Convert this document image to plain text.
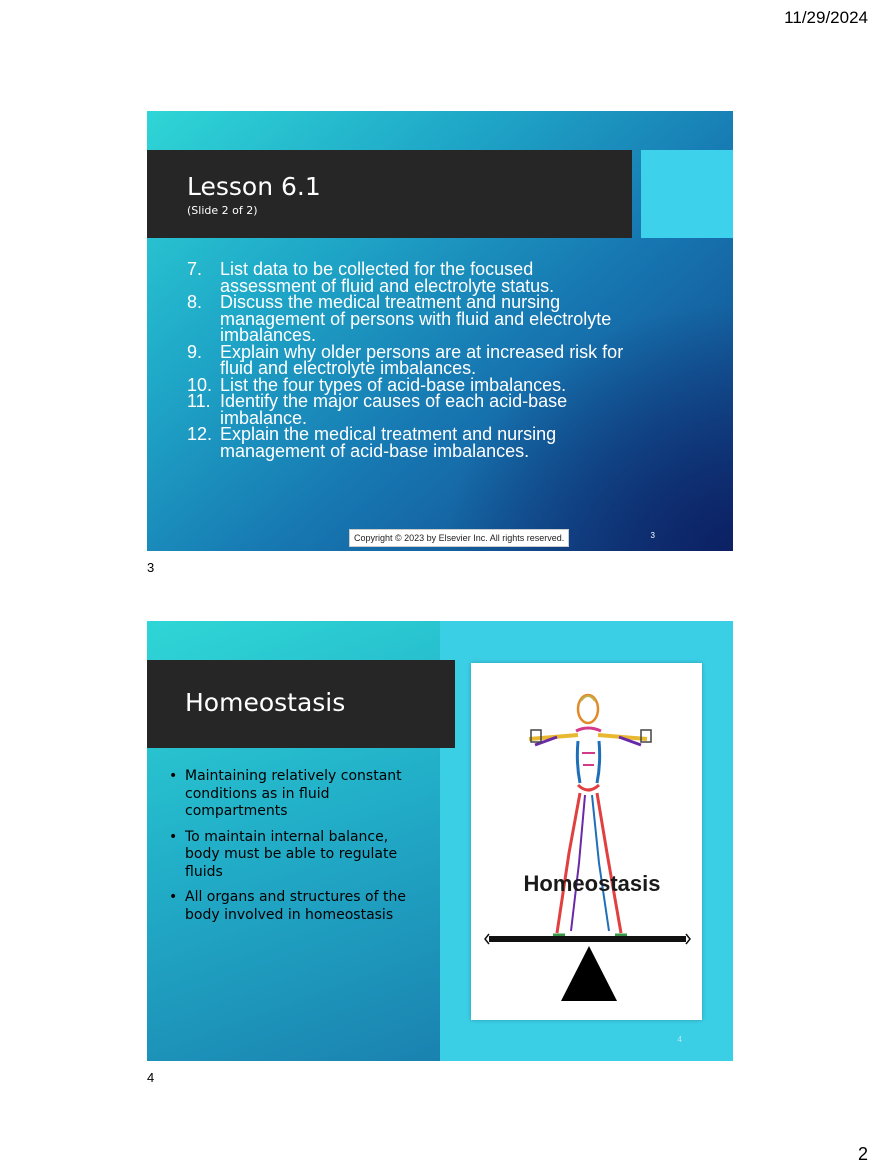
11/29/2024
Lesson 6.1
(Slide 2 of 2)
7. List data to be collected for the focused assessment of fluid and electrolyte status.
8. Discuss the medical treatment and nursing management of persons with fluid and electrolyte imbalances.
9. Explain why older persons are at increased risk for fluid and electrolyte imbalances.
10. List the four types of acid-base imbalances.
11. Identify the major causes of each acid-base imbalance.
12. Explain the medical treatment and nursing management of acid-base imbalances.
Copyright © 2023 by Elsevier Inc. All rights reserved.	3
3
Homeostasis
• Maintaining relatively constant conditions as in fluid compartments
• To maintain internal balance, body must be able to regulate fluids
• All organs and structures of the body involved in homeostasis
Homeostasis
4
4
2
